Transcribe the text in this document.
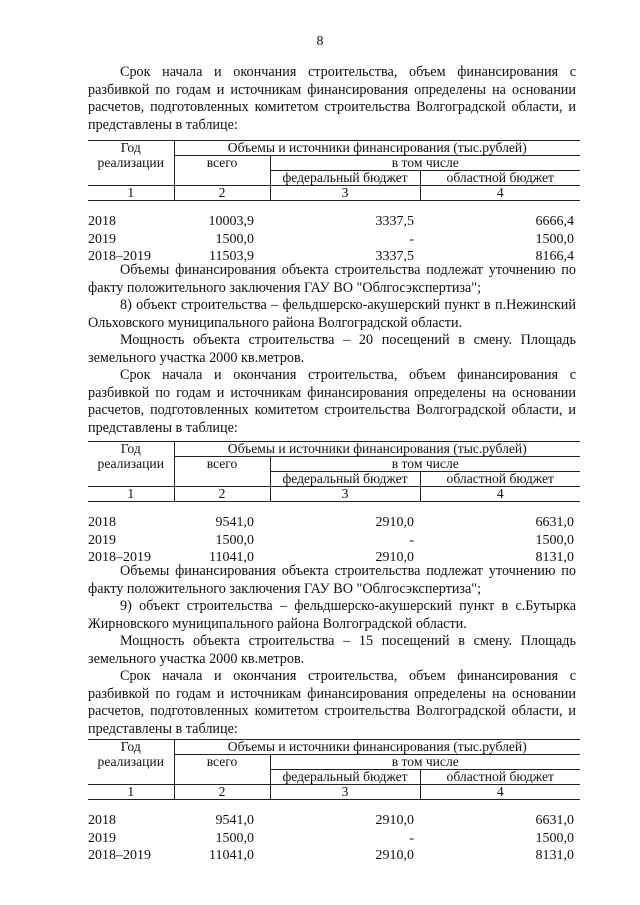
8
Срок начала и окончания строительства, объем финансирования с разбивкой по годам и источникам финансирования определены на основании расчетов, подготовленных комитетом строительства Волгоградской области, и представлены в таблице:
Год	Объемы и источники финансирования (тыс.рублей)		
реализации	всего	в том числе	
		федеральный бюджет	областной бюджет
1	2	3	4
2018	10003,9	3337,5	6666,4
2019	1500,0	-	1500,0
2018–2019	11503,9	3337,5	8166,4
Объемы финансирования объекта строительства подлежат уточнению по факту положительного заключения ГАУ ВО "Облгосэкспертиза";
8) объект строительства – фельдшерско-акушерский пункт в п.Нежинский Ольховского муниципального района Волгоградской области.
Мощность объекта строительства – 20 посещений в смену. Площадь земельного участка 2000 кв.метров.
Срок начала и окончания строительства, объем финансирования с разбивкой по годам и источникам финансирования определены на основании расчетов, подготовленных комитетом строительства Волгоградской области, и представлены в таблице:
Год	Объемы и источники финансирования (тыс.рублей)		
реализации	всего	в том числе	
		федеральный бюджет	областной бюджет
1	2	3	4
2018	9541,0	2910,0	6631,0
2019	1500,0	-	1500,0
2018–2019	11041,0	2910,0	8131,0
Объемы финансирования объекта строительства подлежат уточнению по факту положительного заключения ГАУ ВО "Облгосэкспертиза";
9) объект строительства – фельдшерско-акушерский пункт в с.Бутырка Жирновского муниципального района Волгоградской области.
Мощность объекта строительства – 15 посещений в смену. Площадь земельного участка 2000 кв.метров.
Срок начала и окончания строительства, объем финансирования с разбивкой по годам и источникам финансирования определены на основании расчетов, подготовленных комитетом строительства Волгоградской области, и представлены в таблице:
Год	Объемы и источники финансирования (тыс.рублей)		
реализации	всего	в том числе	
		федеральный бюджет	областной бюджет
1	2	3	4
2018	9541,0	2910,0	6631,0
2019	1500,0	-	1500,0
2018–2019	11041,0	2910,0	8131,0
